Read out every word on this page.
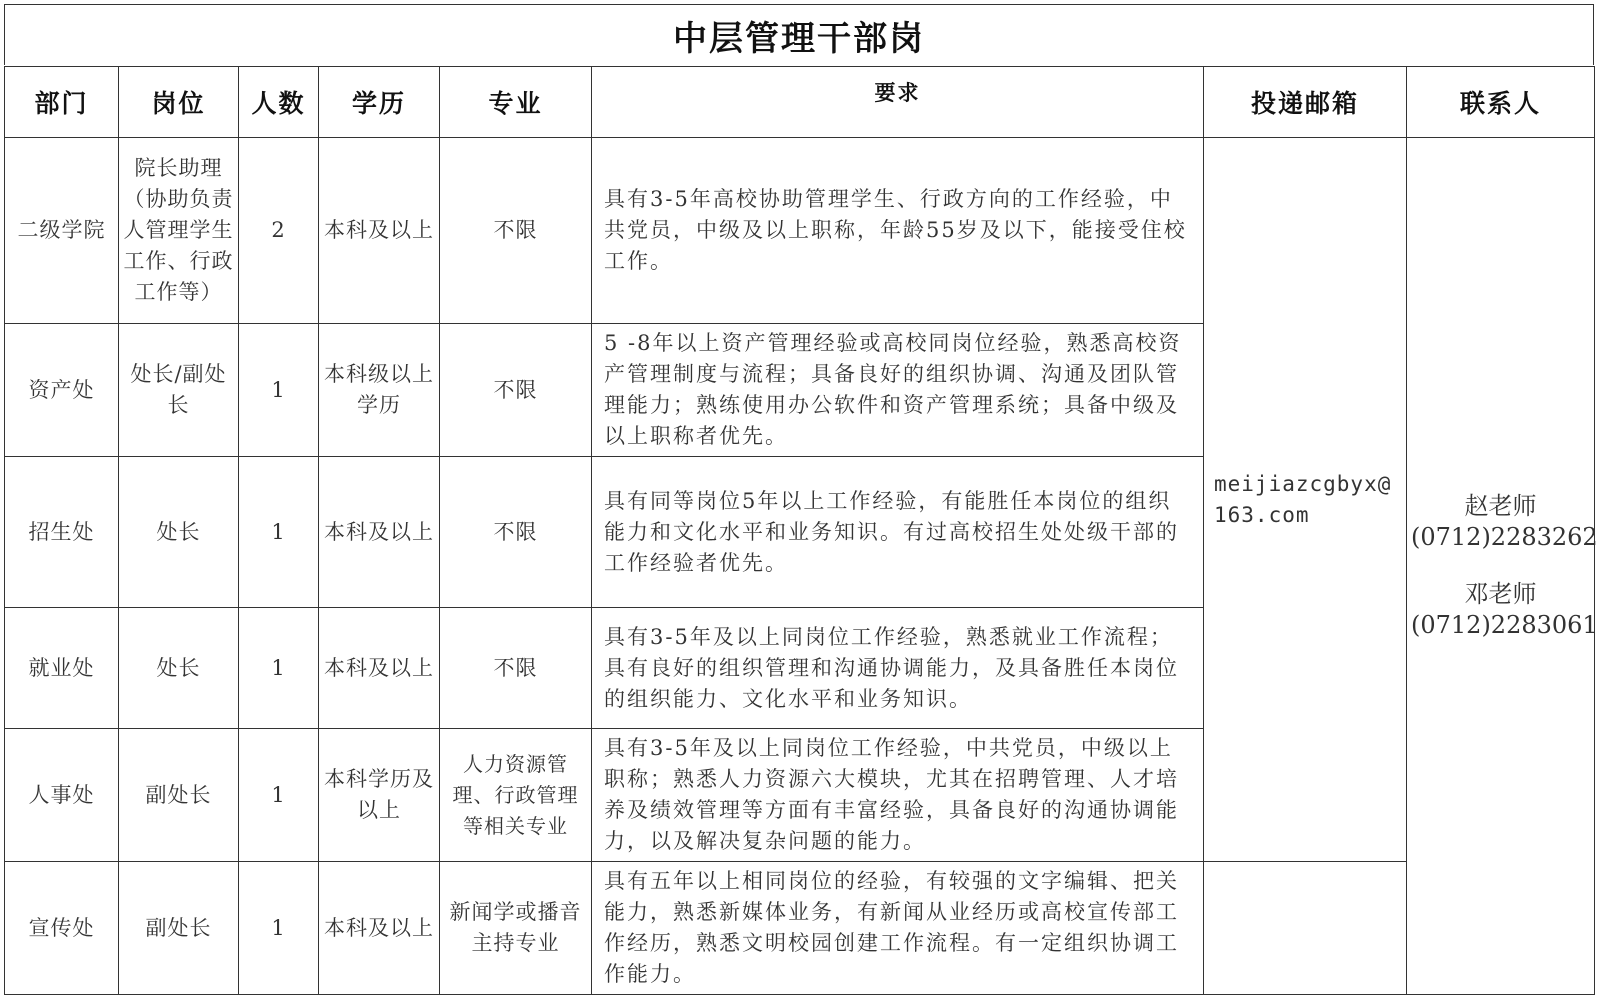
中层管理干部岗
部门	岗位	人数	学历	专业	要求	投递邮箱	联系人
二级学院	院长助理（协助负责人管理学生工作、行政工作等）	2	本科及以上	不限	具有3-5年高校协助管理学生、行政方向的工作经验，中共党员，中级及以上职称，年龄55岁及以下，能接受住校工作。	meijiazcgbyx@163.com	赵老师
(0712)2283262
邓老师
(0712)2283061

资产处	处长/副处长	1	本科级以上学历	不限	5 -8年以上资产管理经验或高校同岗位经验，熟悉高校资产管理制度与流程；具备良好的组织协调、沟通及团队管理能力；熟练使用办公软件和资产管理系统；具备中级及以上职称者优先。		
招生处	处长	1	本科及以上	不限	具有同等岗位5年以上工作经验，有能胜任本岗位的组织能力和文化水平和业务知识。有过高校招生处处级干部的工作经验者优先。		
就业处	处长	1	本科及以上	不限	具有3-5年及以上同岗位工作经验，熟悉就业工作流程；具有良好的组织管理和沟通协调能力，及具备胜任本岗位的组织能力、文化水平和业务知识。		
人事处	副处长	1	本科学历及以上	人力资源管理、行政管理等相关专业	具有3-5年及以上同岗位工作经验，中共党员，中级以上职称；熟悉人力资源六大模块，尤其在招聘管理、人才培养及绩效管理等方面有丰富经验，具备良好的沟通协调能力，以及解决复杂问题的能力。		
宣传处	副处长	1	本科及以上	新闻学或播音主持专业	具有五年以上相同岗位的经验，有较强的文字编辑、把关能力，熟悉新媒体业务，有新闻从业经历或高校宣传部工作经历，熟悉文明校园创建工作流程。有一定组织协调工作能力。		
